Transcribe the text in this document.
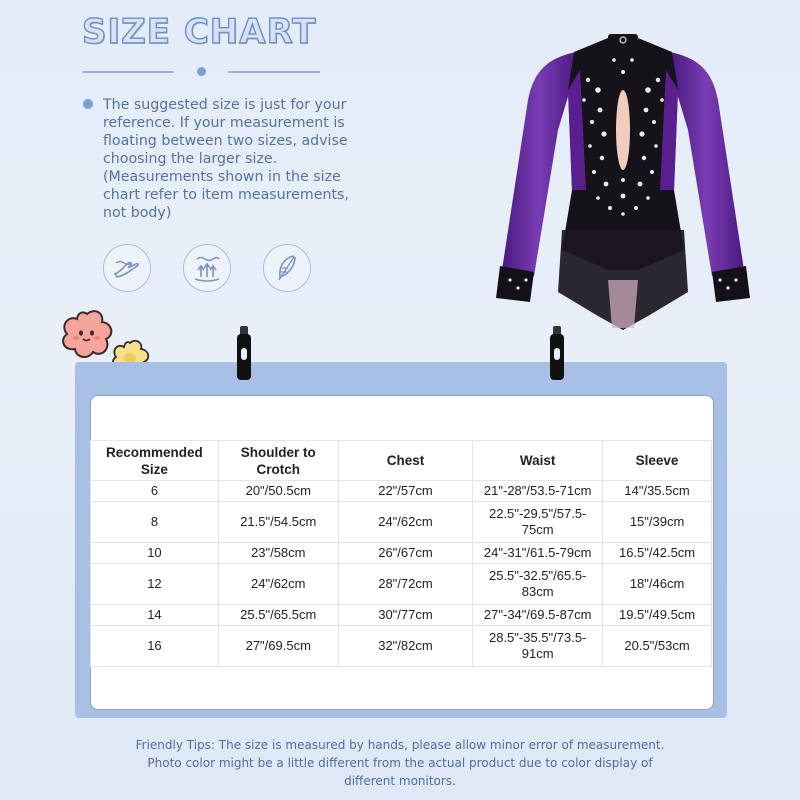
SIZE CHART
The suggested size is just for your
reference. If your measurement is
floating between two sizes, advise
choosing the larger size.
(Measurements shown in the size
chart refer to item measurements,
not body)
Recommended Size	Shoulder to Crotch	Chest	Waist	Sleeve
6	20"/50.5cm	22"/57cm	21"-28"/53.5-71cm	14"/35.5cm
8	21.5"/54.5cm	24"/62cm	22.5"-29.5"/57.5-75cm	15"/39cm
10	23"/58cm	26"/67cm	24"-31"/61.5-79cm	16.5"/42.5cm
12	24"/62cm	28"/72cm	25.5"-32.5"/65.5-83cm	18"/46cm
14	25.5"/65.5cm	30"/77cm	27"-34"/69.5-87cm	19.5"/49.5cm
16	27"/69.5cm	32"/82cm	28.5"-35.5"/73.5-91cm	20.5"/53cm
Friendly Tips: The size is measured by hands, please allow minor error of measurement.
Photo color might be a little different from the actual product due to color display of
different monitors.
